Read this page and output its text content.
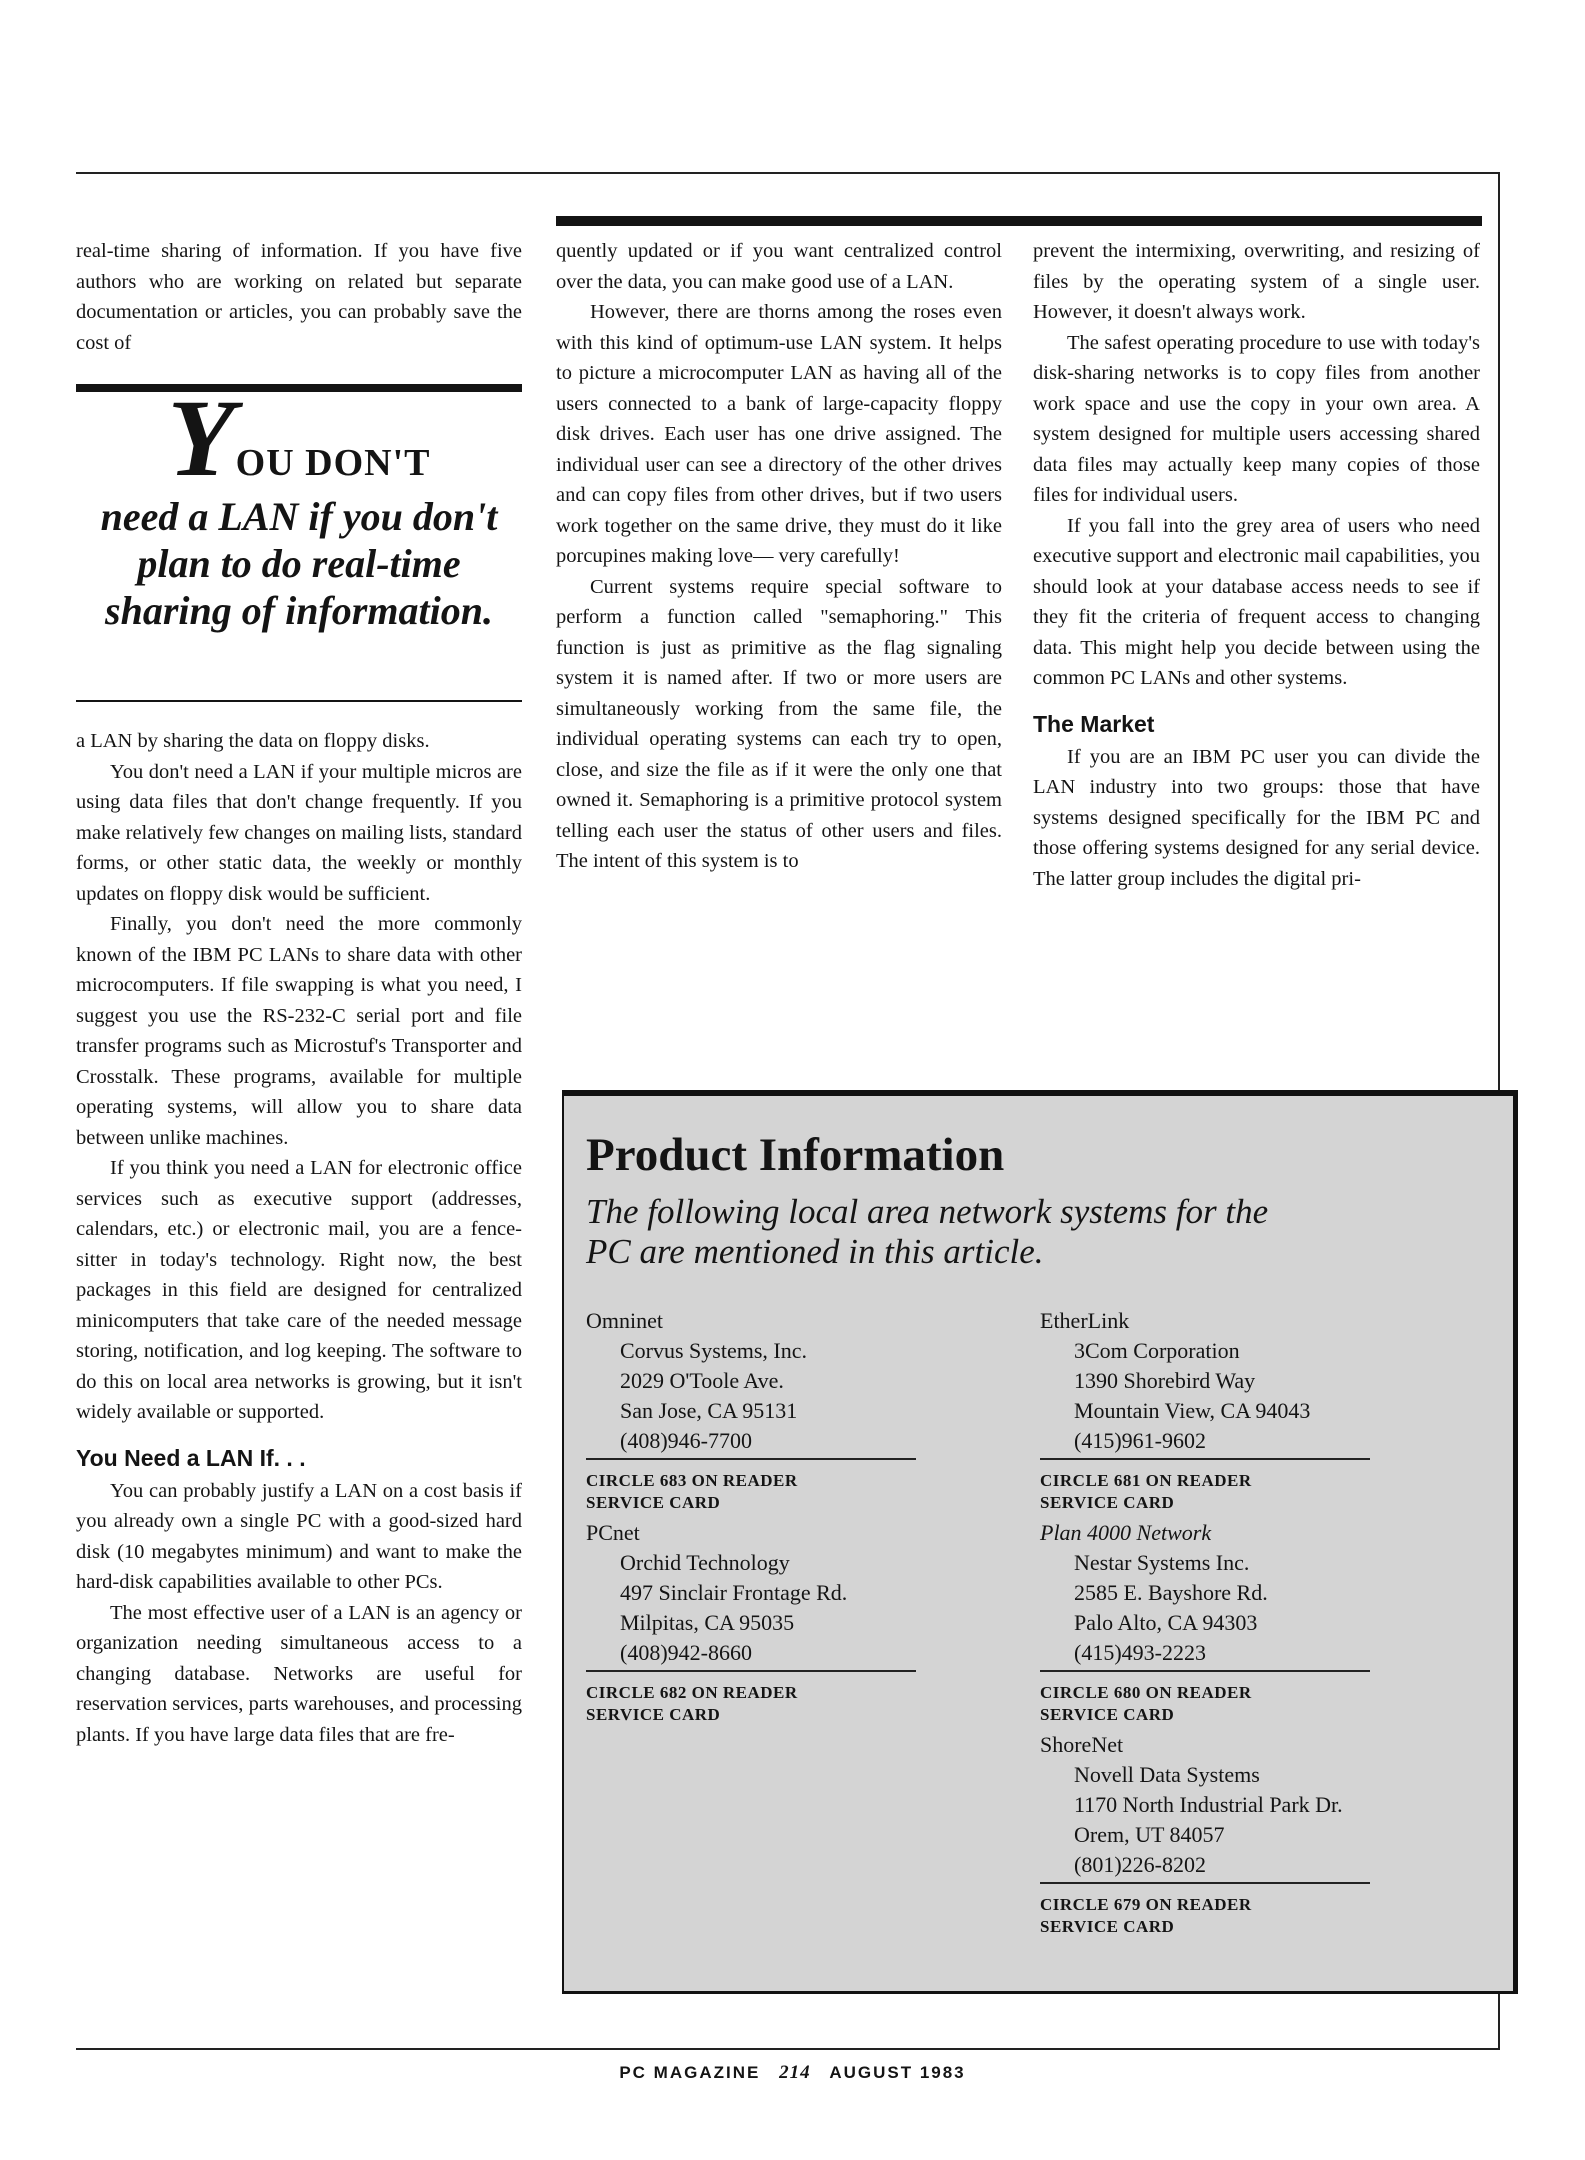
real-time sharing of information. If you have five authors who are working on related but separate documentation or articles, you can probably save the cost of

YOU DON'T
need a LAN if you don't plan to do real-time sharing of information.

a LAN by sharing the data on floppy disks.

You don't need a LAN if your multiple micros are using data files that don't change frequently. If you make relatively few changes on mailing lists, standard forms, or other static data, the weekly or monthly updates on floppy disk would be sufficient.

Finally, you don't need the more commonly known of the IBM PC LANs to share data with other microcomputers. If file swapping is what you need, I suggest you use the RS-232-C serial port and file transfer programs such as Microstuf's Transporter and Crosstalk. These programs, available for multiple operating systems, will allow you to share data between unlike machines.

If you think you need a LAN for electronic office services such as executive support (addresses, calendars, etc.) or electronic mail, you are a fence-sitter in today's technology. Right now, the best packages in this field are designed for centralized minicomputers that take care of the needed message storing, notification, and log keeping. The software to do this on local area networks is growing, but it isn't widely available or supported.

You Need a LAN If. . .

You can probably justify a LAN on a cost basis if you already own a single PC with a good-sized hard disk (10 megabytes minimum) and want to make the hard-disk capabilities available to other PCs.

The most effective user of a LAN is an agency or organization needing simultaneous access to a changing database. Networks are useful for reservation services, parts warehouses, and processing plants. If you have large data files that are fre-

quently updated or if you want centralized control over the data, you can make good use of a LAN.

However, there are thorns among the roses even with this kind of optimum-use LAN system. It helps to picture a microcomputer LAN as having all of the users connected to a bank of large-capacity floppy disk drives. Each user has one drive assigned. The individual user can see a directory of the other drives and can copy files from other drives, but if two users work together on the same drive, they must do it like porcupines making love— very carefully!

Current systems require special software to perform a function called "semaphoring." This function is just as primitive as the flag signaling system it is named after. If two or more users are simultaneously working from the same file, the individual operating systems can each try to open, close, and size the file as if it were the only one that owned it. Semaphoring is a primitive protocol system telling each user the status of other users and files. The intent of this system is to

prevent the intermixing, overwriting, and resizing of files by the operating system of a single user. However, it doesn't always work.

The safest operating procedure to use with today's disk-sharing networks is to copy files from another work space and use the copy in your own area. A system designed for multiple users accessing shared data files may actually keep many copies of those files for individual users.

If you fall into the grey area of users who need executive support and electronic mail capabilities, you should look at your database access needs to see if they fit the criteria of frequent access to changing data. This might help you decide between using the common PC LANs and other systems.

The Market

If you are an IBM PC user you can divide the LAN industry into two groups: those that have systems designed specifically for the IBM PC and those offering systems designed for any serial device. The latter group includes the digital pri-

Product Information
The following local area network systems for the PC are mentioned in this article.
Omninet
Corvus Systems, Inc.
2029 O'Toole Ave.
San Jose, CA 95131
(408)946-7700
CIRCLE 683 ON READER
SERVICE CARD
PCnet
Orchid Technology
497 Sinclair Frontage Rd.
Milpitas, CA 95035
(408)942-8660
CIRCLE 682 ON READER
SERVICE CARD
EtherLink
3Com Corporation
1390 Shorebird Way
Mountain View, CA 94043
(415)961-9602
CIRCLE 681 ON READER
SERVICE CARD
Plan 4000 Network
Nestar Systems Inc.
2585 E. Bayshore Rd.
Palo Alto, CA 94303
(415)493-2223
CIRCLE 680 ON READER
SERVICE CARD
ShoreNet
Novell Data Systems
1170 North Industrial Park Dr.
Orem, UT 84057
(801)226-8202
CIRCLE 679 ON READER
SERVICE CARD
PC MAGAZINE 214 AUGUST 1983
